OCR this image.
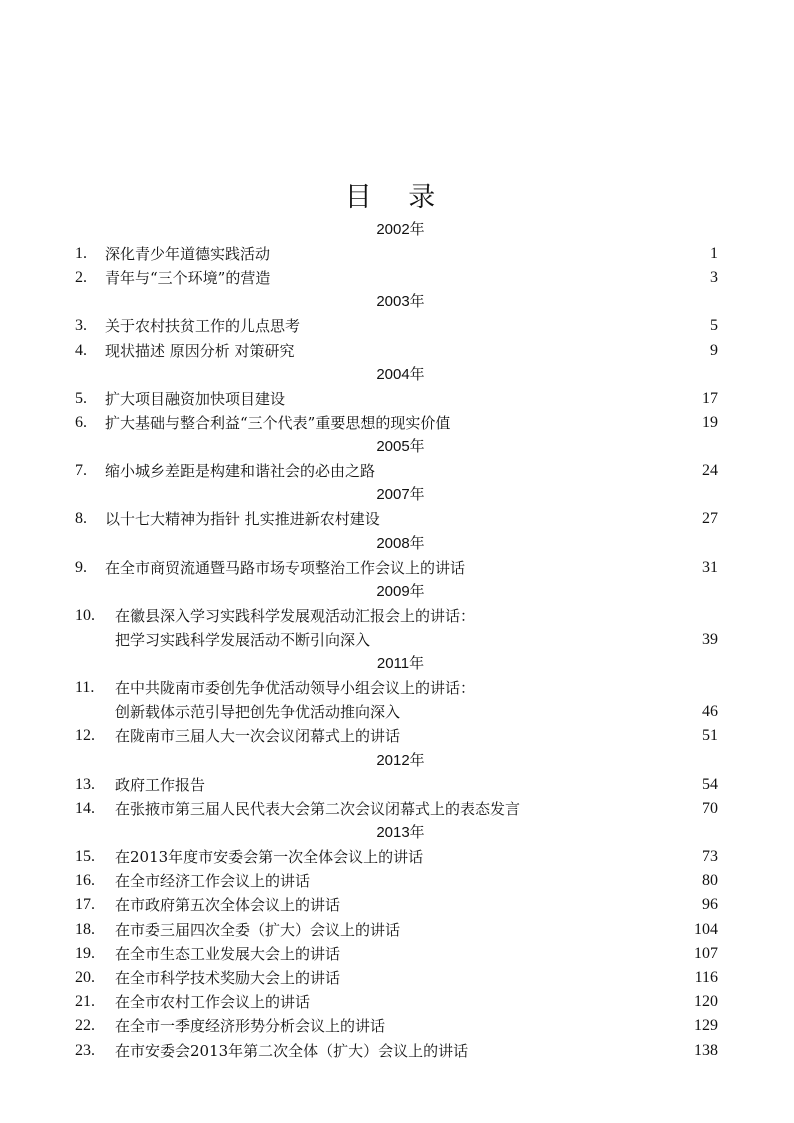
目 录
2002年
1. 深化青少年道德实践活动	1
2. 青年与“三个环境”的营造	3
2003年
3. 关于农村扶贫工作的儿点思考	5
4. 现状描述 原因分析 对策研究	9
2004年
5. 扩大项目融资加快项目建设	17
6. 扩大基础与整合利益“三个代表”重要思想的现实价值	19
2005年
7. 缩小城乡差距是构建和谐社会的必由之路	24
2007年
8. 以十七大精神为指针 扎实推进新农村建设	27
2008年
9. 在全市商贸流通暨马路市场专项整治工作会议上的讲话	31
2009年
10. 在徽县深入学习实践科学发展观活动汇报会上的讲话：
把学习实践科学发展活动不断引向深入	39
2011年
11. 在中共陇南市委创先争优活动领导小组会议上的讲话：
创新载体示范引导把创先争优活动推向深入	46
12. 在陇南市三届人大一次会议闭幕式上的讲话	51
2012年
13. 政府工作报告	54
14. 在张掖市第三届人民代表大会第二次会议闭幕式上的表态发言	70
2013年
15. 在2013年度市安委会第一次全体会议上的讲话	73
16. 在全市经济工作会议上的讲话	80
17. 在市政府第五次全体会议上的讲话	96
18. 在市委三届四次全委（扩大）会议上的讲话	104
19. 在全市生态工业发展大会上的讲话	107
20. 在全市科学技术奖励大会上的讲话	116
21. 在全市农村工作会议上的讲话	120
22. 在全市一季度经济形势分析会议上的讲话	129
23. 在市安委会2013年第二次全体（扩大）会议上的讲话	138
